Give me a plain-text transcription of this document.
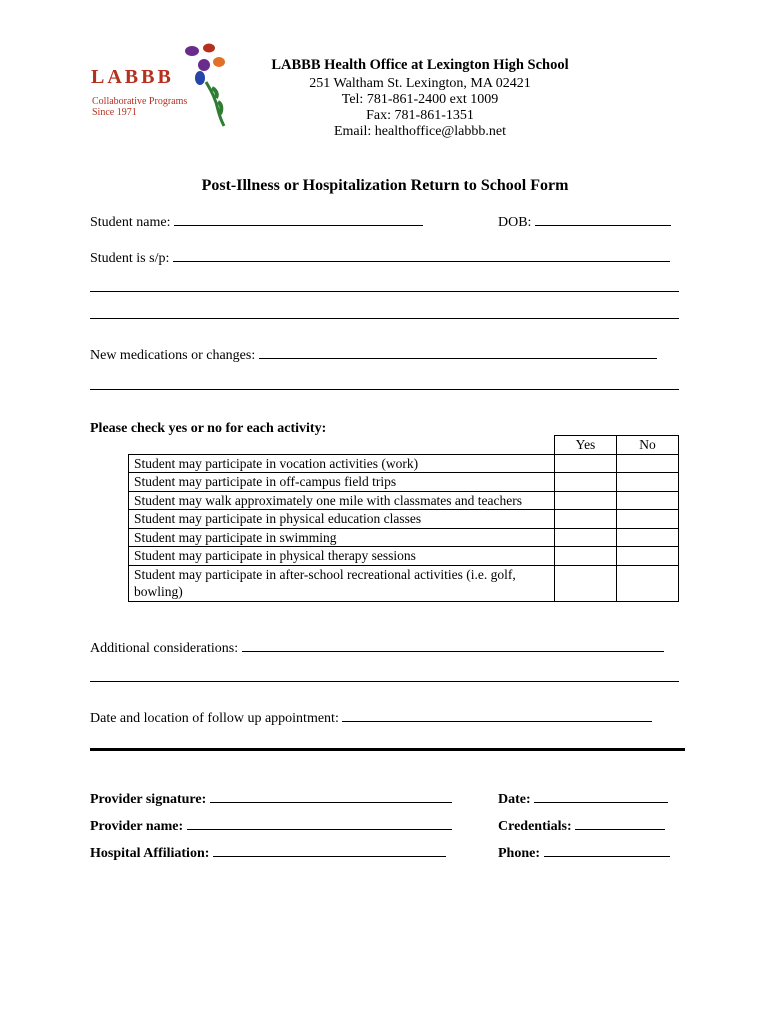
LABBB
Collaborative Programs
Since 1971
LABBB Health Office at Lexington High School
251 Waltham St. Lexington, MA 02421
Tel: 781-861-2400 ext 1009
Fax: 781-861-1351
Email: healthoffice@labbb.net
Post-Illness or Hospitalization Return to School Form
Student name:	DOB:
Student is s/p:
New medications or changes:
Please check yes or no for each activity:
	Yes	No
Student may participate in vocation activities (work)		
Student may participate in off-campus field trips		
Student may walk approximately one mile with classmates and teachers		
Student may participate in physical education classes		
Student may participate in swimming		
Student may participate in physical therapy sessions		
Student may participate in after-school recreational activities (i.e. golf, bowling)		
Additional considerations:
Date and location of follow up appointment:
Provider signature:	Date:
Provider name:	Credentials:
Hospital Affiliation:	Phone:
